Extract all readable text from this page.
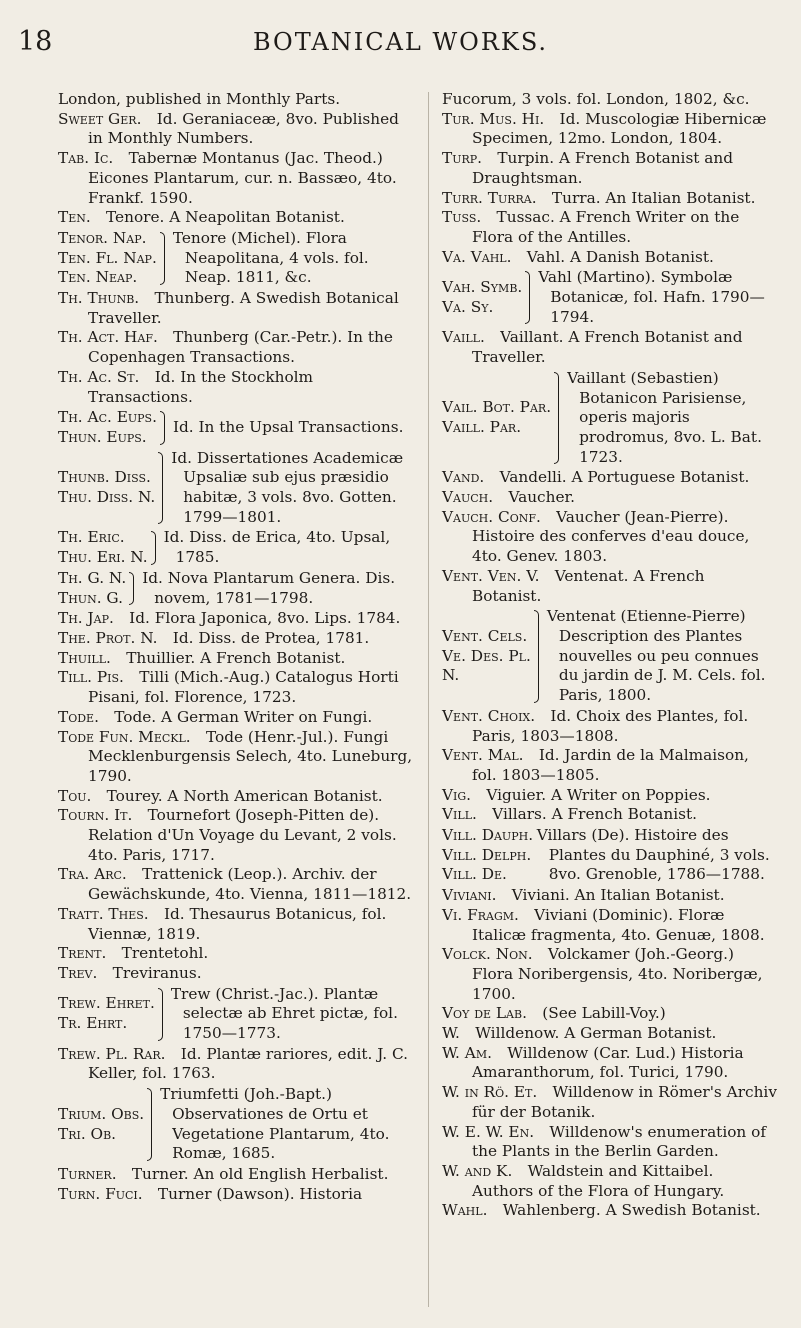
18	BOTANICAL WORKS.

London, published in Monthly Parts.

Sweet Ger.  Id. Geraniaceæ, 8vo. Published in Monthly Numbers.

Tab. Ic.  Tabernæ Montanus (Jac. Theod.) Eicones Plantarum, cur. n. Bassæo, 4to. Frankf. 1590.

Ten.  Tenore. A Neapolitan Botanist.

Tenor. Nap.
Ten. Fl. Nap.
Ten. Neap.
Tenore (Michel). Flora Neapolitana, 4 vols. fol. Neap. 1811, &c.

Th. Thunb.  Thunberg. A Swedish Botanical Traveller.

Th. Act. Haf.  Thunberg (Car.-Petr.). In the Copenhagen Transactions.

Th. Ac. St.  Id. In the Stockholm Transactions.

Th. Ac. Eups.
Thun. Eups.
Id. In the Upsal Transactions.
Thunb. Diss.
Thu. Diss. N.
Id. Dissertationes Academicæ Upsaliæ sub ejus præsidio habitæ, 3 vols. 8vo. Gotten. 1799—1801.
Th. Eric.
Thu. Eri. N.
Id. Diss. de Erica, 4to. Upsal, 1785.
Th. G. N.
Thun. G.
Id. Nova Plantarum Genera. Dis. novem, 1781—1798.

Th. Jap.  Id. Flora Japonica, 8vo. Lips. 1784.

The. Prot. N.  Id. Diss. de Protea, 1781.

Thuill.  Thuillier. A French Botanist.

Till. Pis.  Tilli (Mich.-Aug.) Catalogus Horti Pisani, fol. Florence, 1723.

Tode.  Tode. A German Writer on Fungi.

Tode Fun. Meckl.  Tode (Henr.-Jul.). Fungi Mecklenburgensis Selech, 4to. Luneburg, 1790.

Tou.  Tourey. A North American Botanist.

Tourn. It.  Tournefort (Joseph-Pitten de). Relation d'Un Voyage du Levant, 2 vols. 4to. Paris, 1717.

Tra. Arc.  Trattenick (Leop.). Archiv. der Gewächskunde, 4to. Vienna, 1811—1812.

Tratt. Thes.  Id. Thesaurus Botanicus, fol. Viennæ, 1819.

Trent.  Trentetohl.

Trev.  Treviranus.

Trew. Ehret.
Tr. Ehrt.
Trew (Christ.-Jac.). Plantæ selectæ ab Ehret pictæ, fol. 1750—1773.

Trew. Pl. Rar.  Id. Plantæ rariores, edit. J. C. Keller, fol. 1763.

Trium. Obs.
Tri. Ob.
Triumfetti (Joh.-Bapt.) Observationes de Ortu et Vegetatione Plantarum, 4to. Romæ, 1685.

Turner.  Turner. An old English Herbalist.

Turn. Fuci.  Turner (Dawson). Historia

Fucorum, 3 vols. fol. London, 1802, &c.

Tur. Mus. Hi.  Id. Muscologiæ Hibernicæ Specimen, 12mo. London, 1804.

Turp.  Turpin. A French Botanist and Draughtsman.

Turr. Turra.  Turra. An Italian Botanist.

Tuss.  Tussac. A French Writer on the Flora of the Antilles.

Va. Vahl.  Vahl. A Danish Botanist.

Vah. Symb.
Va. Sy.
Vahl (Martino). Symbolæ Botanicæ, fol. Hafn. 1790—1794.

Vaill.  Vaillant. A French Botanist and Traveller.

Vail. Bot. Par.
Vaill. Par.
Vaillant (Sebastien) Botanicon Parisiense, operis majoris prodromus, 8vo. L. Bat. 1723.

Vand.  Vandelli. A Portuguese Botanist.

Vauch.  Vaucher.

Vauch. Conf.  Vaucher (Jean-Pierre). Histoire des conferves d'eau douce, 4to. Genev. 1803.

Vent. Ven. V.  Ventenat. A French Botanist.

Vent. Cels.
Ve. Des. Pl.
N.
Ventenat (Etienne-Pierre) Description des Plantes nouvelles ou peu connues du jardin de J. M. Cels. fol. Paris, 1800.

Vent. Choix.  Id. Choix des Plantes, fol. Paris, 1803—1808.

Vent. Mal.  Id. Jardin de la Malmaison, fol. 1803—1805.

Vig.  Viguier. A Writer on Poppies.

Vill.  Villars. A French Botanist.

Vill. Dauph.
Vill. Delph.
Vill. De.
Villars (De). Histoire des Plantes du Dauphiné, 3 vols. 8vo. Grenoble, 1786—1788.

Viviani.  Viviani. An Italian Botanist.

Vi. Fragm.  Viviani (Dominic). Floræ Italicæ fragmenta, 4to. Genuæ, 1808.

Volck. Non.  Volckamer (Joh.-Georg.) Flora Noribergensis, 4to. Noribergæ, 1700.

Voy de Lab.  (See Labill-Voy.)

W.  Willdenow. A German Botanist.

W. Am.  Willdenow (Car. Lud.) Historia Amaranthorum, fol. Turici, 1790.

W. in Rö. Et.  Willdenow in Römer's Archiv für der Botanik.

W. E. W. En.  Willdenow's enumeration of the Plants in the Berlin Garden.

W. and K.  Waldstein and Kittaibel. Authors of the Flora of Hungary.

Wahl.  Wahlenberg. A Swedish Botanist.
